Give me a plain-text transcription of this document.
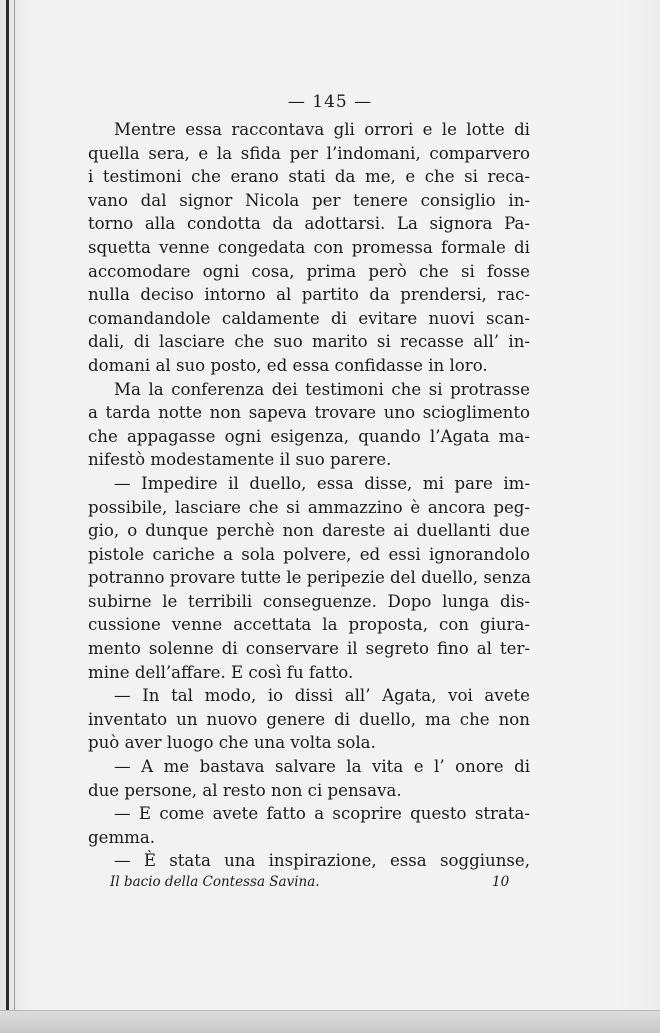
— 145 —
Mentre essa raccontava gli orrori e le lotte di
quella sera, e la sfida per l’indomani, comparvero
i testimoni che erano stati da me, e che si reca-
vano dal signor Nicola per tenere consiglio in-
torno alla condotta da adottarsi. La signora Pa-
squetta venne congedata con promessa formale di
accomodare ogni cosa, prima però che si fosse
nulla deciso intorno al partito da prendersi, rac-
comandandole caldamente di evitare nuovi scan-
dali, di lasciare che suo marito si recasse all’ in-
domani al suo posto, ed essa confidasse in loro.
Ma la conferenza dei testimoni che si protrasse
a tarda notte non sapeva trovare uno scioglimento
che appagasse ogni esigenza, quando l’Agata ma-
nifestò modestamente il suo parere.
— Impedire il duello, essa disse, mi pare im-
possibile, lasciare che si ammazzino è ancora peg-
gio, o dunque perchè non dareste ai duellanti due
pistole cariche a sola polvere, ed essi ignorandolo
potranno provare tutte le peripezie del duello, senza
subirne le terribili conseguenze. Dopo lunga dis-
cussione venne accettata la proposta, con giura-
mento solenne di conservare il segreto fino al ter-
mine dell’affare. E così fu fatto.
— In tal modo, io dissi all’ Agata, voi avete
inventato un nuovo genere di duello, ma che non
può aver luogo che una volta sola.
— A me bastava salvare la vita e l’ onore di
due persone, al resto non ci pensava.
— E come avete fatto a scoprire questo strata-
gemma.
— È stata una inspirazione, essa soggiunse,
Il bacio della Contessa Savina.	10
